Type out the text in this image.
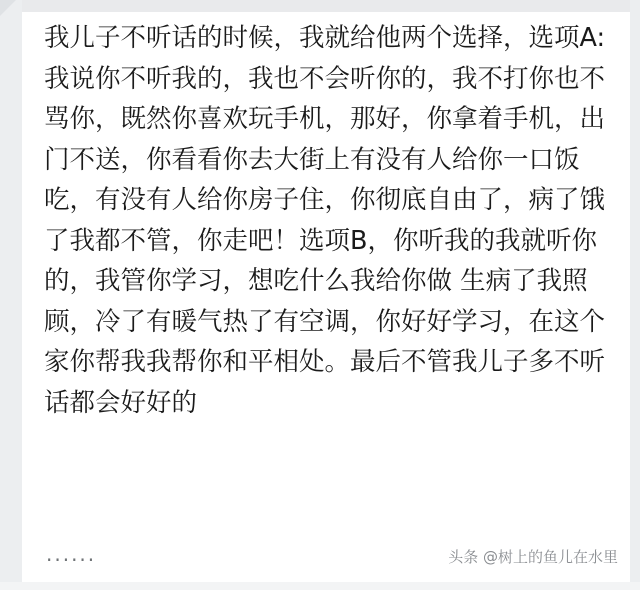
我儿子不听话的时候，我就给他两个选择，选项A:我说你不听我的，我也不会听你的，我不打你也不骂你，既然你喜欢玩手机，那好，你拿着手机，出门不送，你看看你去大街上有没有人给你一口饭吃，有没有人给你房子住，你彻底自由了，病了饿了我都不管，你走吧！选项B，你听我的我就听你的，我管你学习，想吃什么我给你做 生病了我照顾，冷了有暖气热了有空调，你好好学习，在这个家你帮我我帮你和平相处。最后不管我儿子多不听话都会好好的
......	头条 @树上的鱼儿在水里
